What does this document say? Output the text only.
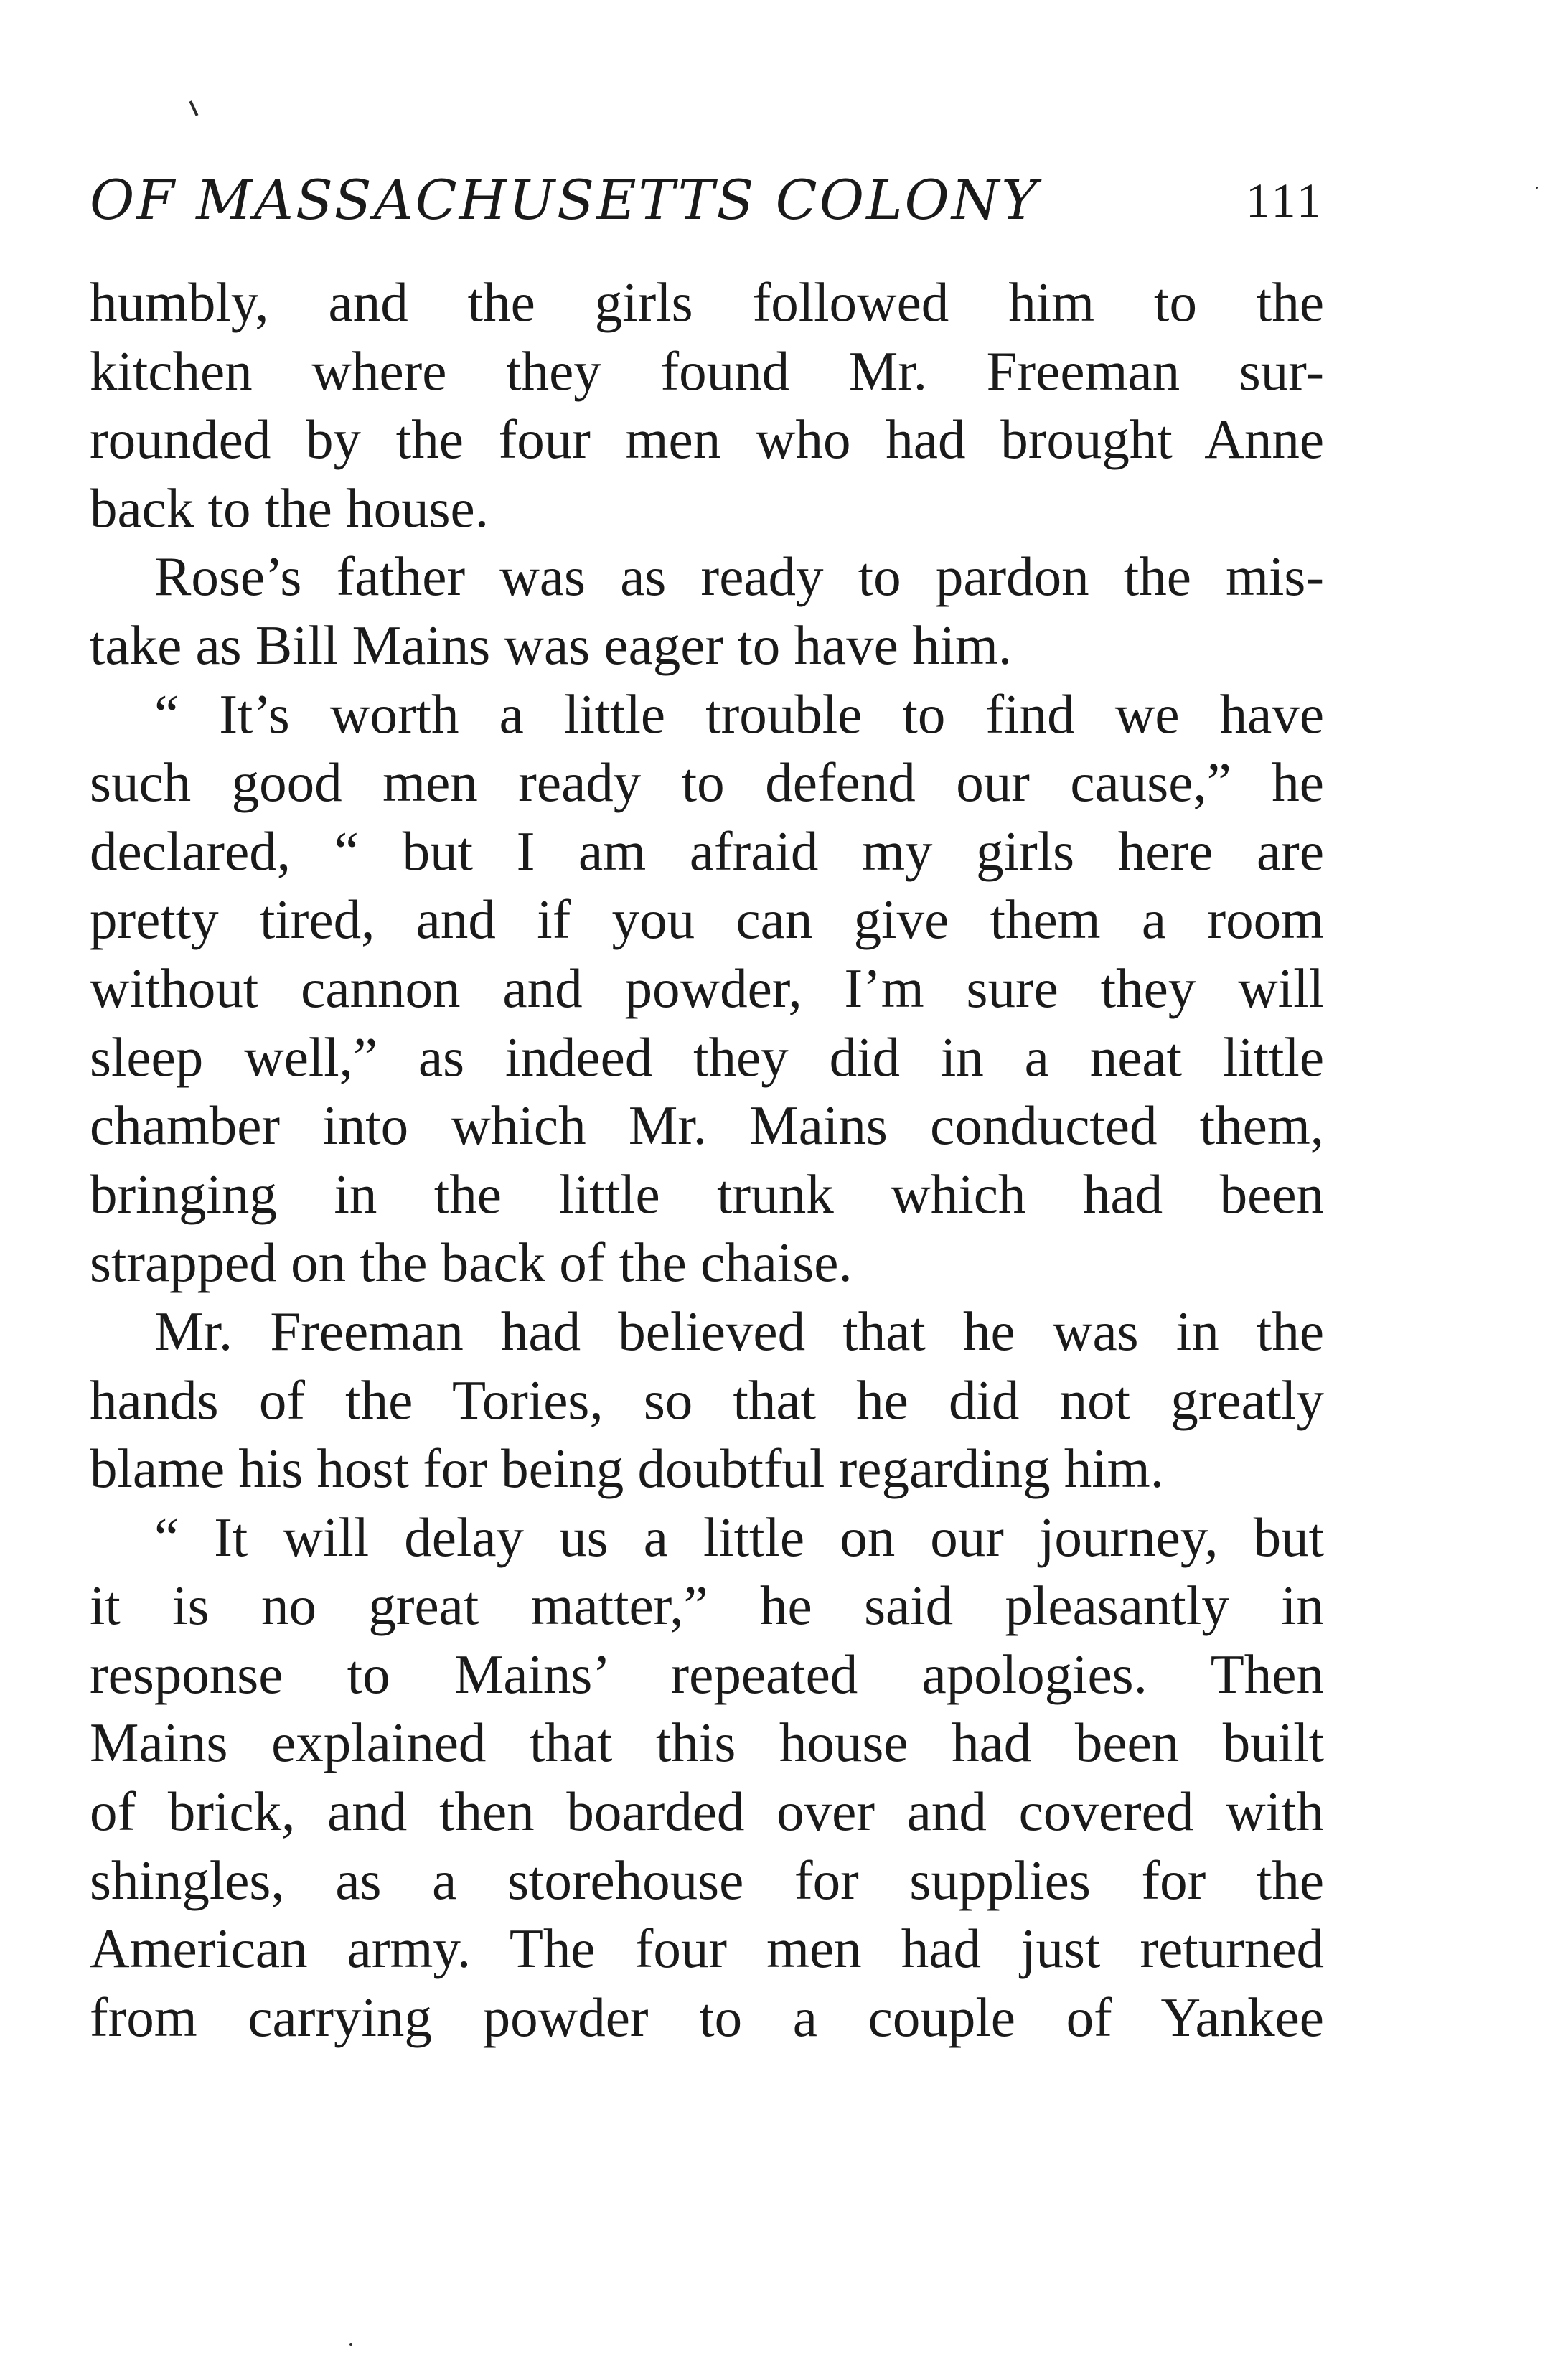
OF MASSACHUSETTS COLONY	111
humbly, and the girls followed him to the
kitchen where they found Mr. Freeman sur-
rounded by the four men who had brought Anne
back to the house.
Rose’s father was as ready to pardon the mis-
take as Bill Mains was eager to have him.
“ It’s worth a little trouble to find we have
such good men ready to defend our cause,” he
declared, “ but I am afraid my girls here are
pretty tired, and if you can give them a room
without cannon and powder, I’m sure they will
sleep well,” as indeed they did in a neat little
chamber into which Mr. Mains conducted them,
bringing in the little trunk which had been
strapped on the back of the chaise.
Mr. Freeman had believed that he was in the
hands of the Tories, so that he did not greatly
blame his host for being doubtful regarding him.
“ It will delay us a little on our journey, but
it is no great matter,” he said pleasantly in
response to Mains’ repeated apologies. Then
Mains explained that this house had been built
of brick, and then boarded over and covered with
shingles, as a storehouse for supplies for the
American army. The four men had just returned
from carrying powder to a couple of Yankee
